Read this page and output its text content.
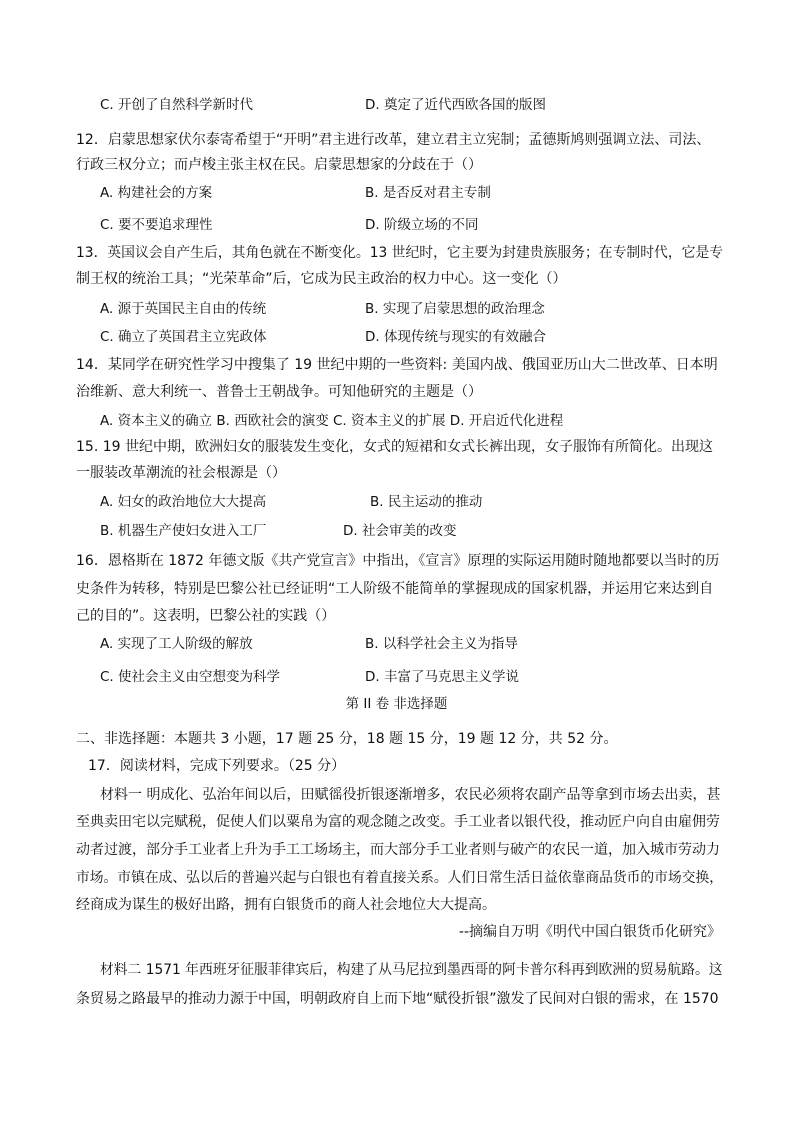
C. 开创了自然科学新时代	D. 奠定了近代西欧各国的版图
12．启蒙思想家伏尔泰寄希望于“开明”君主进行改革，建立君主立宪制；孟德斯鸠则强调立法、司法、
行政三权分立；而卢梭主张主权在民。启蒙思想家的分歧在于（）
A. 构建社会的方案	B. 是否反对君主专制
C. 要不要追求理性	D. 阶级立场的不同
13．英国议会自产生后，其角色就在不断变化。13 世纪时，它主要为封建贵族服务；在专制时代，它是专
制王权的统治工具；“光荣革命”后，它成为民主政治的权力中心。这一变化（）
A. 源于英国民主自由的传统	B. 实现了启蒙思想的政治理念
C. 确立了英国君主立宪政体	D. 体现传统与现实的有效融合
14．某同学在研究性学习中搜集了 19 世纪中期的一些资料: 美国内战、俄国亚历山大二世改革、日本明
治维新、意大利统一、普鲁士王朝战争。可知他研究的主题是（）
A. 资本主义的确立 B. 西欧社会的演变 C. 资本主义的扩展 D. 开启近代化进程
15. 19 世纪中期，欧洲妇女的服装发生变化，女式的短裙和女式长裤出现，女子服饰有所简化。出现这
一服装改革潮流的社会根源是（）
A. 妇女的政治地位大大提高	B. 民主运动的推动
B. 机器生产使妇女进入工厂	D. 社会审美的改变
16．恩格斯在 1872 年德文版《共产党宣言》中指出，《宣言》原理的实际运用随时随地都要以当时的历
史条件为转移，特别是巴黎公社已经证明“工人阶级不能简单的掌握现成的国家机器，并运用它来达到自
己的目的”。这表明，巴黎公社的实践（）
A. 实现了工人阶级的解放	B. 以科学社会主义为指导
C. 使社会主义由空想变为科学	D. 丰富了马克思主义学说
第 II 卷 非选择题
二、非选择题：本题共 3 小题，17 题 25 分，18 题 15 分，19 题 12 分，共 52 分。
17．阅读材料，完成下列要求。（25 分）
材料一 明成化、弘治年间以后，田赋徭役折银逐渐增多，农民必须将农副产品等拿到市场去出卖，甚
至典卖田宅以完赋税，促使人们以粟帛为富的观念随之改变。手工业者以银代役，推动匠户向自由雇佣劳
动者过渡，部分手工业者上升为手工工场场主，而大部分手工业者则与破产的农民一道，加入城市劳动力
市场。市镇在成、弘以后的普遍兴起与白银也有着直接关系。人们日常生活日益依靠商品货币的市场交换，
经商成为谋生的极好出路，拥有白银货币的商人社会地位大大提高。
--摘编自万明《明代中国白银货币化研究》
材料二 1571 年西班牙征服菲律宾后，构建了从马尼拉到墨西哥的阿卡普尔科再到欧洲的贸易航路。这
条贸易之路最早的推动力源于中国，明朝政府自上而下地“赋役折银”激发了民间对白银的需求，在 1570
